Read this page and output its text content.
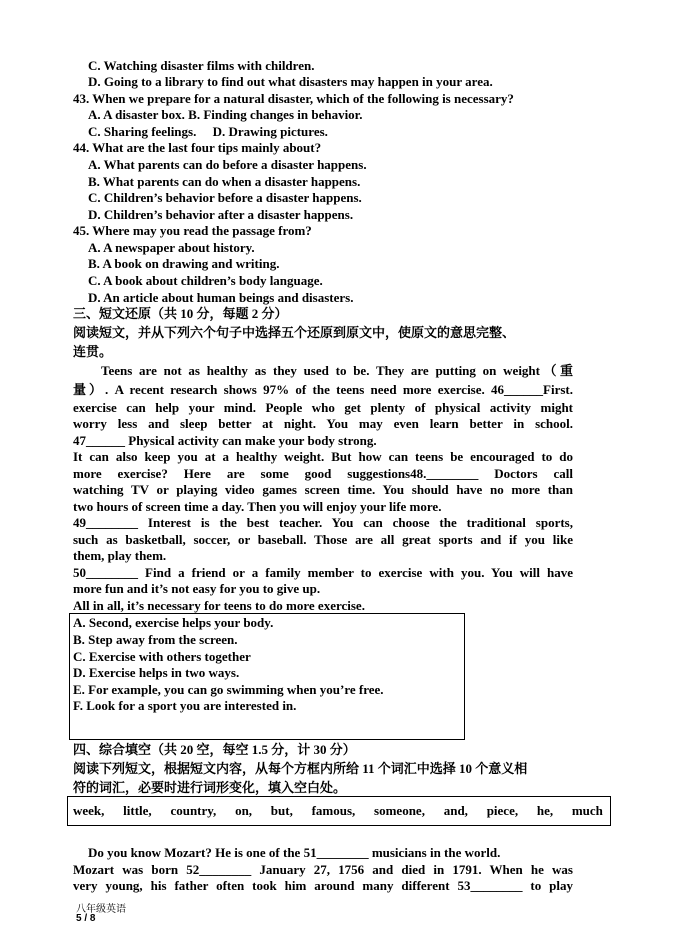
C. Watching disaster films with children.
D. Going to a library to find out what disasters may happen in your area.
43. When we prepare for a natural disaster, which of the following is necessary?
A. A disaster box. B. Finding changes in behavior.
C. Sharing feelings.     D. Drawing pictures.
44. What are the last four tips mainly about?
A. What parents can do before a disaster happens.
B. What parents can do when a disaster happens.
C. Children’s behavior before a disaster happens.
D. Children’s behavior after a disaster happens.
45. Where may you read the passage from?
A. A newspaper about history.
B. A book on drawing and writing.
C. A book about children’s body language.
D. An article about human beings and disasters.
三、短文还原（共 10 分，每题 2 分）
阅读短文，并从下列六个句子中选择五个还原到原文中，使原文的意思完整、
连贯。
Teens are not as healthy as they used to be. They are putting on weight（重
量）. A recent research shows 97% of the teens need more exercise. 46______First.
exercise can help your mind. People who get plenty of physical activity might
worry less and sleep better at night. You may even learn better in school.
47______ Physical activity can make your body strong.
It can also keep you at a healthy weight. But how can teens be encouraged to do
more exercise? Here are some good suggestions48.________ Doctors call
watching TV or playing video games screen time. You should have no more than
two hours of screen time a day. Then you will enjoy your life more.
49________ Interest is the best teacher. You can choose the traditional sports,
such as basketball, soccer, or baseball. Those are all great sports and if you like
them, play them.
50________ Find a friend or a family member to exercise with you. You will have
more fun and it’s not easy for you to give up.
All in all, it’s necessary for teens to do more exercise.
A. Second, exercise helps your body.
B. Step away from the screen.
C. Exercise with others together
D. Exercise helps in two ways.
E. For example, you can go swimming when you’re free.
F. Look for a sport you are interested in.
四、综合填空（共 20 空，每空 1.5 分，计 30 分）
阅读下列短文，根据短文内容，从每个方框内所给 11 个词汇中选择 10 个意义相
符的词汇，必要时进行词形变化，填入空白处。
week, little, country, on, but, famous, someone, and, piece, he, much
Do you know Mozart? He is one of the 51________ musicians in the world.
Mozart was born 52________ January 27, 1756 and died in 1791. When he was
very young, his father often took him around many different 53________ to play
八年级英语
5 / 8
